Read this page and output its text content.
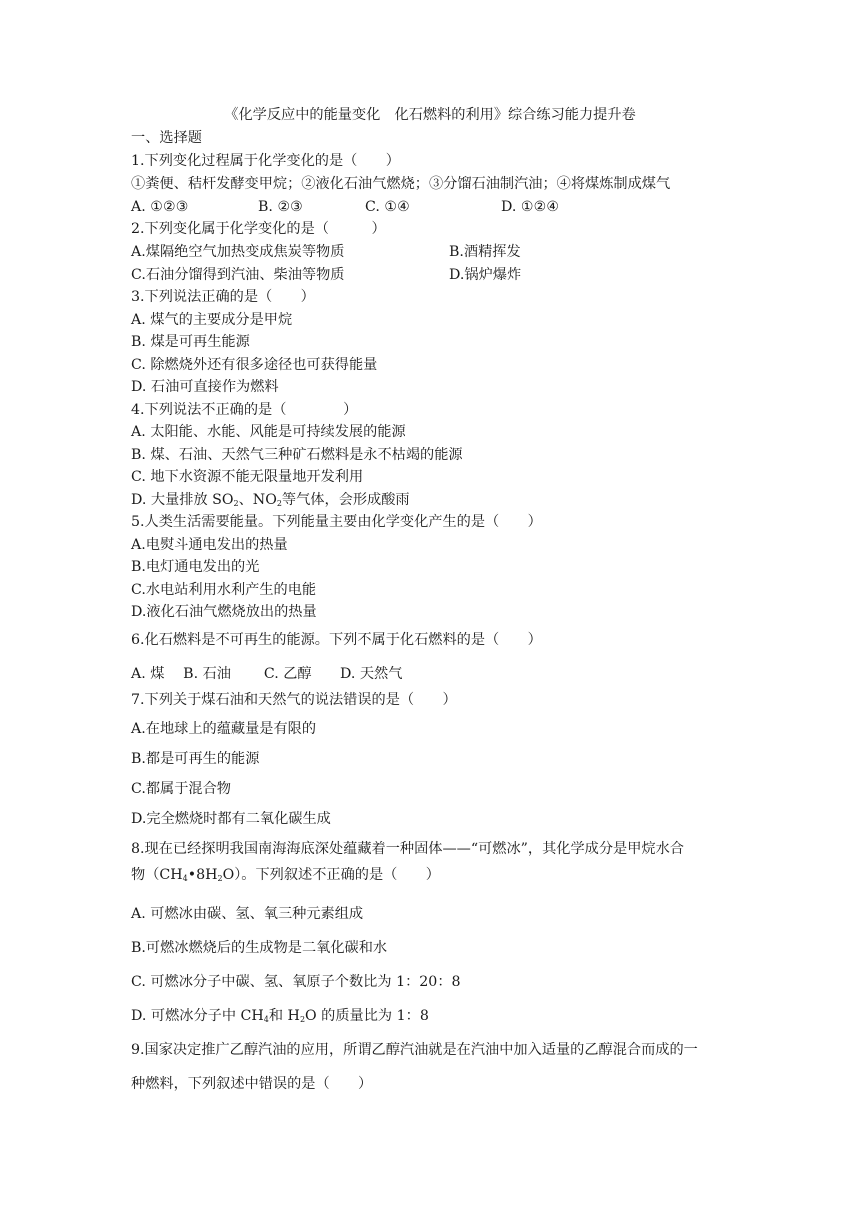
《化学反应中的能量变化　化石燃料的利用》综合练习能力提升卷
一、选择题
1.下列变化过程属于化学变化的是（　　）
①粪便、秸杆发酵变甲烷；②液化石油气燃烧；③分馏石油制汽油；④将煤炼制成煤气
A. ①②③	B. ②③	C. ①④	D. ①②④
2.下列变化属于化学变化的是（　　　）
A.煤隔绝空气加热变成焦炭等物质	B.酒精挥发
C.石油分馏得到汽油、柴油等物质	D.锅炉爆炸
3.下列说法正确的是（　　）
A. 煤气的主要成分是甲烷
B. 煤是可再生能源
C. 除燃烧外还有很多途径也可获得能量
D. 石油可直接作为燃料
4.下列说法不正确的是（　　　　）
A. 太阳能、水能、风能是可持续发展的能源
B. 煤、石油、天然气三种矿石燃料是永不枯竭的能源
C. 地下水资源不能无限量地开发利用
D. 大量排放 $SO_2$、$NO_2$等气体，会形成酸雨
5.人类生活需要能量。下列能量主要由化学变化产生的是（　　）
A.电熨斗通电发出的热量
B.电灯通电发出的光
C.水电站利用水利产生的电能
D.液化石油气燃烧放出的热量
6.化石燃料是不可再生的能源。下列不属于化石燃料的是（　　）
A. 煤　 B. 石油　　 C. 乙醇　　D. 天然气
7.下列关于煤石油和天然气的说法错误的是（　　）
A.在地球上的蕴藏量是有限的
B.都是可再生的能源
C.都属于混合物
D.完全燃烧时都有二氧化碳生成
8.现在已经探明我国南海海底深处蕴藏着一种固体——“可燃冰”，其化学成分是甲烷水合
物$(CH_4•8H_2O)$。下列叙述不正确的是（　　）
A. 可燃冰由碳、氢、氧三种元素组成
B.可燃冰燃烧后的生成物是二氧化碳和水
C. 可燃冰分子中碳、氢、氧原子个数比为 1：20：8
D. 可燃冰分子中 $CH_4$和 $H_2O$ 的质量比为 1：8
9.国家决定推广乙醇汽油的应用，所谓乙醇汽油就是在汽油中加入适量的乙醇混合而成的一
种燃料，下列叙述中错误的是（　　）
